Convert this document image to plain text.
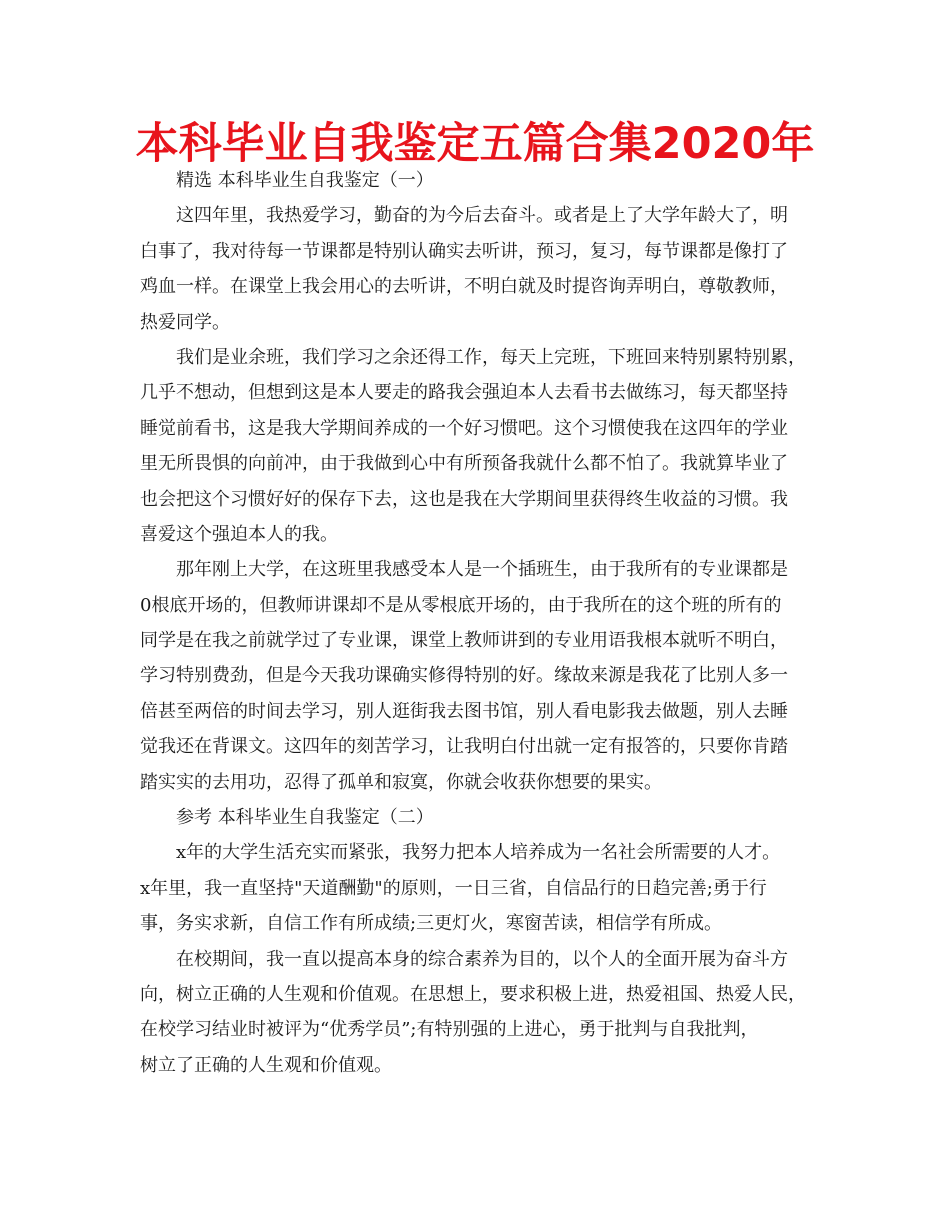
本科毕业自我鉴定五篇合集2020年
精选 本科毕业生自我鉴定（一）
这四年里，我热爱学习，勤奋的为今后去奋斗。或者是上了大学年龄大了，明
白事了，我对待每一节课都是特别认确实去听讲，预习，复习，每节课都是像打了
鸡血一样。在课堂上我会用心的去听讲，不明白就及时提咨询弄明白，尊敬教师，
热爱同学。
我们是业余班，我们学习之余还得工作，每天上完班，下班回来特别累特别累，
几乎不想动，但想到这是本人要走的路我会强迫本人去看书去做练习，每天都坚持
睡觉前看书，这是我大学期间养成的一个好习惯吧。这个习惯使我在这四年的学业
里无所畏惧的向前冲，由于我做到心中有所预备我就什么都不怕了。我就算毕业了
也会把这个习惯好好的保存下去，这也是我在大学期间里获得终生收益的习惯。我
喜爱这个强迫本人的我。
那年刚上大学，在这班里我感受本人是一个插班生，由于我所有的专业课都是
0根底开场的，但教师讲课却不是从零根底开场的，由于我所在的这个班的所有的
同学是在我之前就学过了专业课，课堂上教师讲到的专业用语我根本就听不明白，
学习特别费劲，但是今天我功课确实修得特别的好。缘故来源是我花了比别人多一
倍甚至两倍的时间去学习，别人逛街我去图书馆，别人看电影我去做题，别人去睡
觉我还在背课文。这四年的刻苦学习，让我明白付出就一定有报答的，只要你肯踏
踏实实的去用功，忍得了孤单和寂寞，你就会收获你想要的果实。
参考 本科毕业生自我鉴定（二）
x年的大学生活充实而紧张，我努力把本人培养成为一名社会所需要的人才。
x年里，我一直坚持"天道酬勤"的原则，一日三省，自信品行的日趋完善;勇于行
事，务实求新，自信工作有所成绩;三更灯火，寒窗苦读，相信学有所成。
在校期间，我一直以提高本身的综合素养为目的，以个人的全面开展为奋斗方
向，树立正确的人生观和价值观。在思想上，要求积极上进，热爱祖国、热爱人民，
在校学习结业时被评为“优秀学员”;有特别强的上进心，勇于批判与自我批判，
树立了正确的人生观和价值观。
